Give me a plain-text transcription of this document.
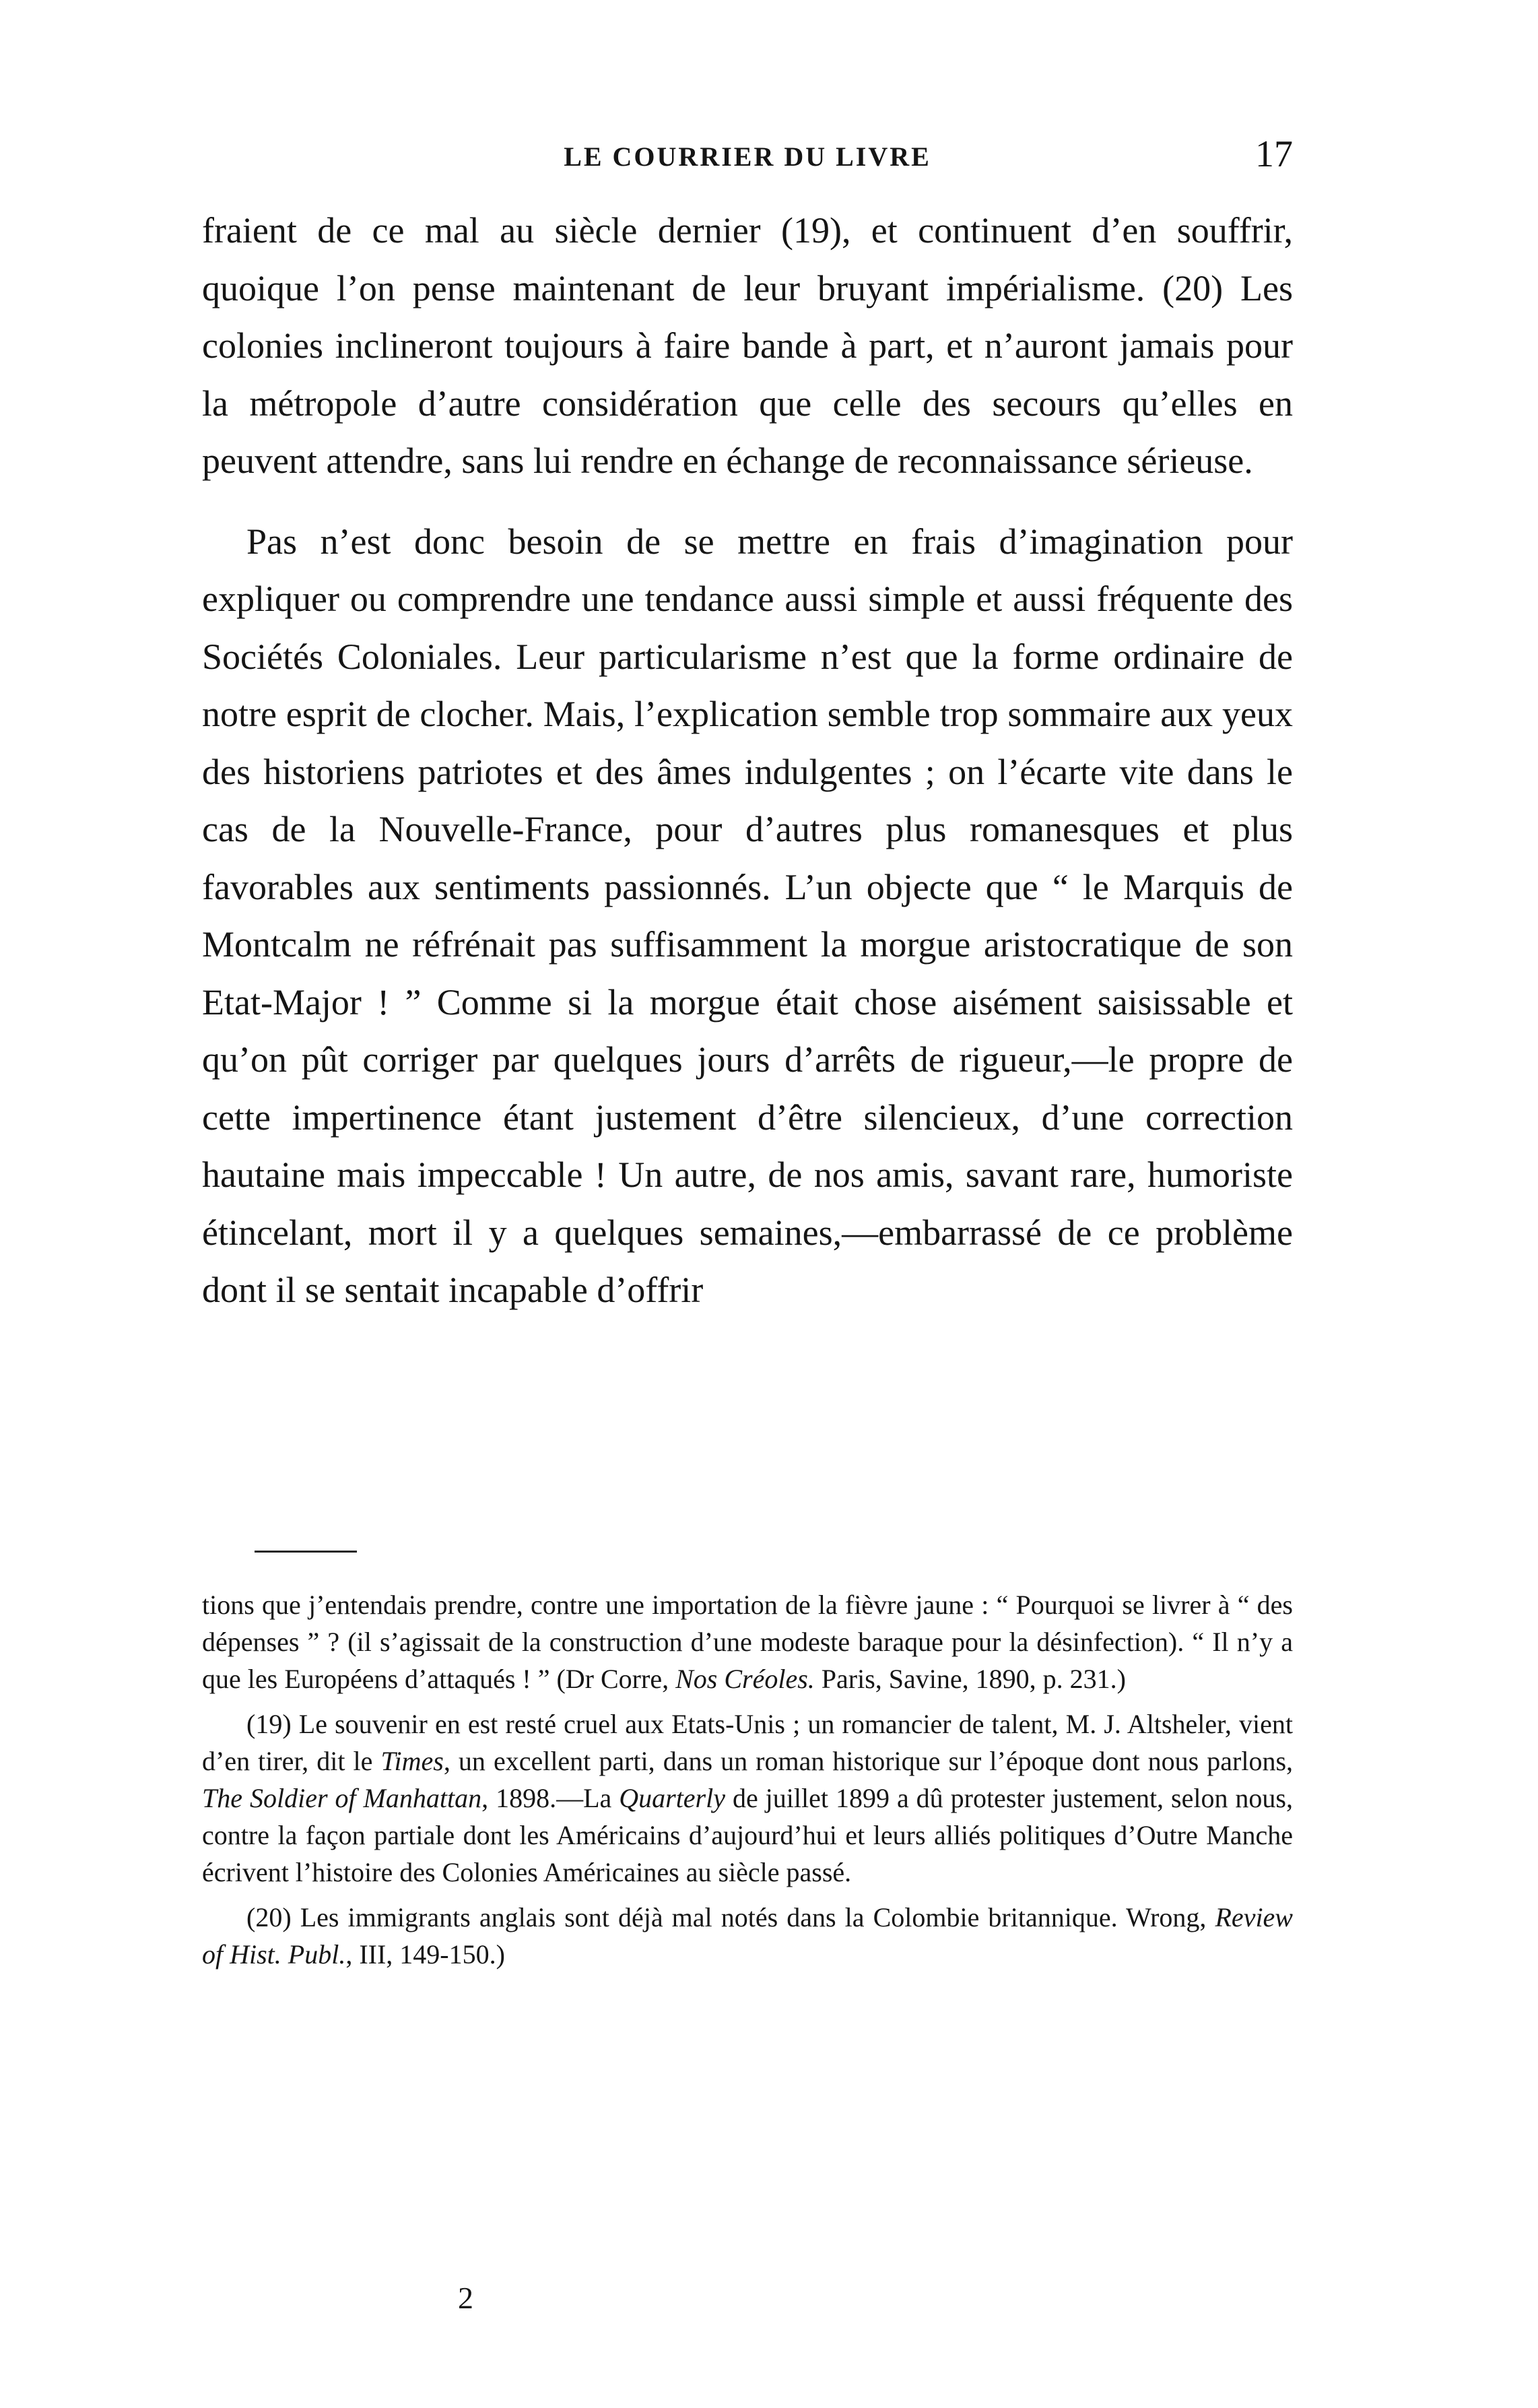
LE COURRIER DU LIVRE	17

fraient de ce mal au siècle dernier (19), et continuent d’en souffrir, quoique l’on pense maintenant de leur bruyant impérialisme. (20) Les colonies inclineront toujours à faire bande à part, et n’auront jamais pour la métropole d’autre considération que celle des secours qu’elles en peuvent attendre, sans lui rendre en échange de reconnaissance sérieuse.

Pas n’est donc besoin de se mettre en frais d’imagination pour expliquer ou comprendre une tendance aussi simple et aussi fréquente des Sociétés Coloniales. Leur particularisme n’est que la forme ordinaire de notre esprit de clocher. Mais, l’explication semble trop sommaire aux yeux des historiens patriotes et des âmes indulgentes ; on l’écarte vite dans le cas de la Nouvelle-France, pour d’autres plus romanesques et plus favorables aux sentiments passionnés. L’un objecte que “ le Marquis de Montcalm ne réfrénait pas suffisamment la morgue aristocratique de son Etat-Major ! ” Comme si la morgue était chose aisément saisissable et qu’on pût corriger par quelques jours d’arrêts de rigueur,—le propre de cette impertinence étant justement d’être silencieux, d’une correction hautaine mais impeccable ! Un autre, de nos amis, savant rare, humoriste étincelant, mort il y a quelques semaines,—embarrassé de ce problème dont il se sentait incapable d’offrir

tions que j’entendais prendre, contre une importation de la fièvre jaune : “ Pourquoi se livrer à “ des dépenses ” ? (il s’agissait de la construction d’une modeste baraque pour la désinfection). “ Il n’y a que les Européens d’attaqués ! ” (Dr Corre, Nos Créoles. Paris, Savine, 1890, p. 231.)

(19) Le souvenir en est resté cruel aux Etats-Unis ; un romancier de talent, M. J. Altsheler, vient d’en tirer, dit le Times, un excellent parti, dans un roman historique sur l’époque dont nous parlons, The Soldier of Manhattan, 1898.—La Quarterly de juillet 1899 a dû protester justement, selon nous, contre la façon partiale dont les Américains d’aujourd’hui et leurs alliés politiques d’Outre Manche écrivent l’histoire des Colonies Américaines au siècle passé.

(20) Les immigrants anglais sont déjà mal notés dans la Colombie britannique. Wrong, Review of Hist. Publ., III, 149-150.)

2
